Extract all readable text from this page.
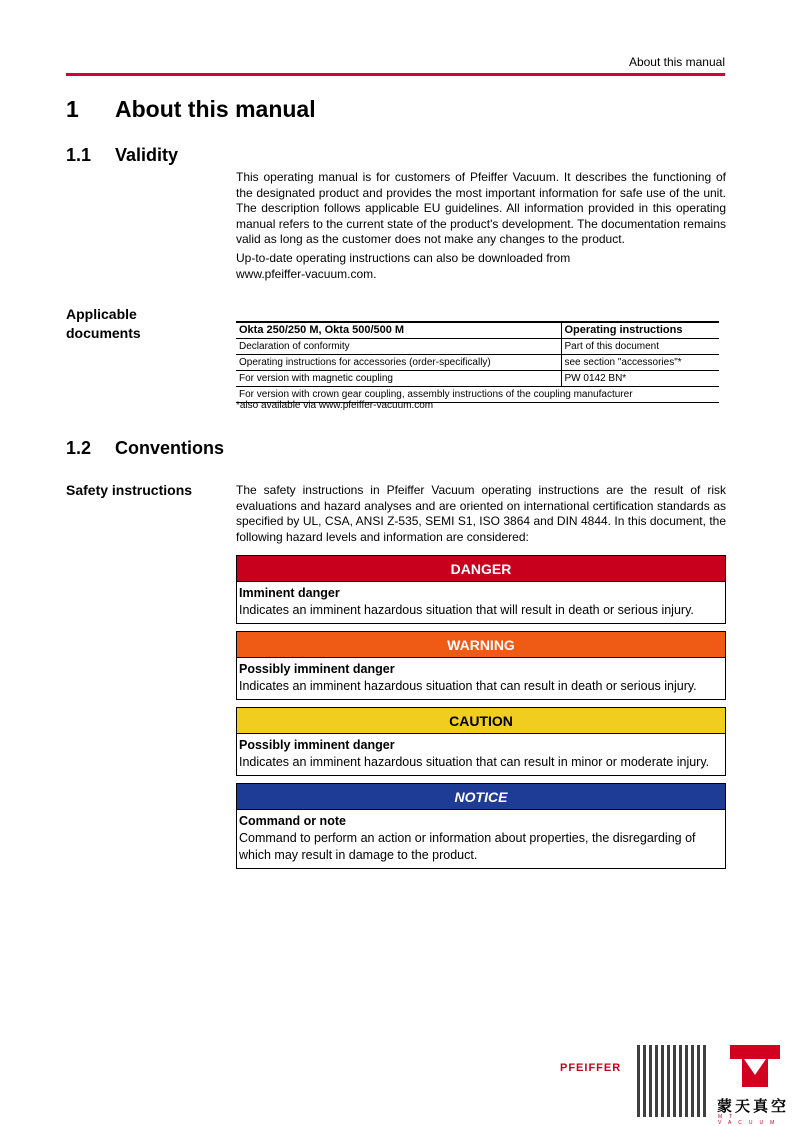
About this manual
1 About this manual
1.1 Validity
This operating manual is for customers of Pfeiffer Vacuum. It describes the functioning of the designated product and provides the most important information for safe use of the unit. The description follows applicable EU guidelines. All information provided in this operating manual refers to the current state of the product's development. The documentation remains valid as long as the customer does not make any changes to the product.
Up-to-date operating instructions can also be downloaded from www.pfeiffer-vacuum.com.
Applicable documents	Okta 250/250 M, Okta 500/500 M	Operating instructions
Declaration of conformity	Part of this document
Operating instructions for accessories (order-specifically)	see section "accessories"*
For version with magnetic coupling	PW 0142 BN*
For version with crown gear coupling, assembly instructions of the coupling manufacturer	
*also available via www.pfeiffer-vacuum.com
1.2 Conventions
Safety instructions	The safety instructions in Pfeiffer Vacuum operating instructions are the result of risk evaluations and hazard analyses and are oriented on international certification standards as specified by UL, CSA, ANSI Z-535, SEMI S1, ISO 3864 and DIN 4844. In this document, the following hazard levels and information are considered:
DANGER
Imminent danger
Indicates an imminent hazardous situation that will result in death or serious injury.
WARNING
Possibly imminent danger
Indicates an imminent hazardous situation that can result in death or serious injury.
CAUTION
Possibly imminent danger
Indicates an imminent hazardous situation that can result in minor or moderate injury.
NOTICE
Command or note
Command to perform an action or information about properties, the disregarding of which may result in damage to the product.
PFEIFFER
蒙天真空
MT VACUUM
